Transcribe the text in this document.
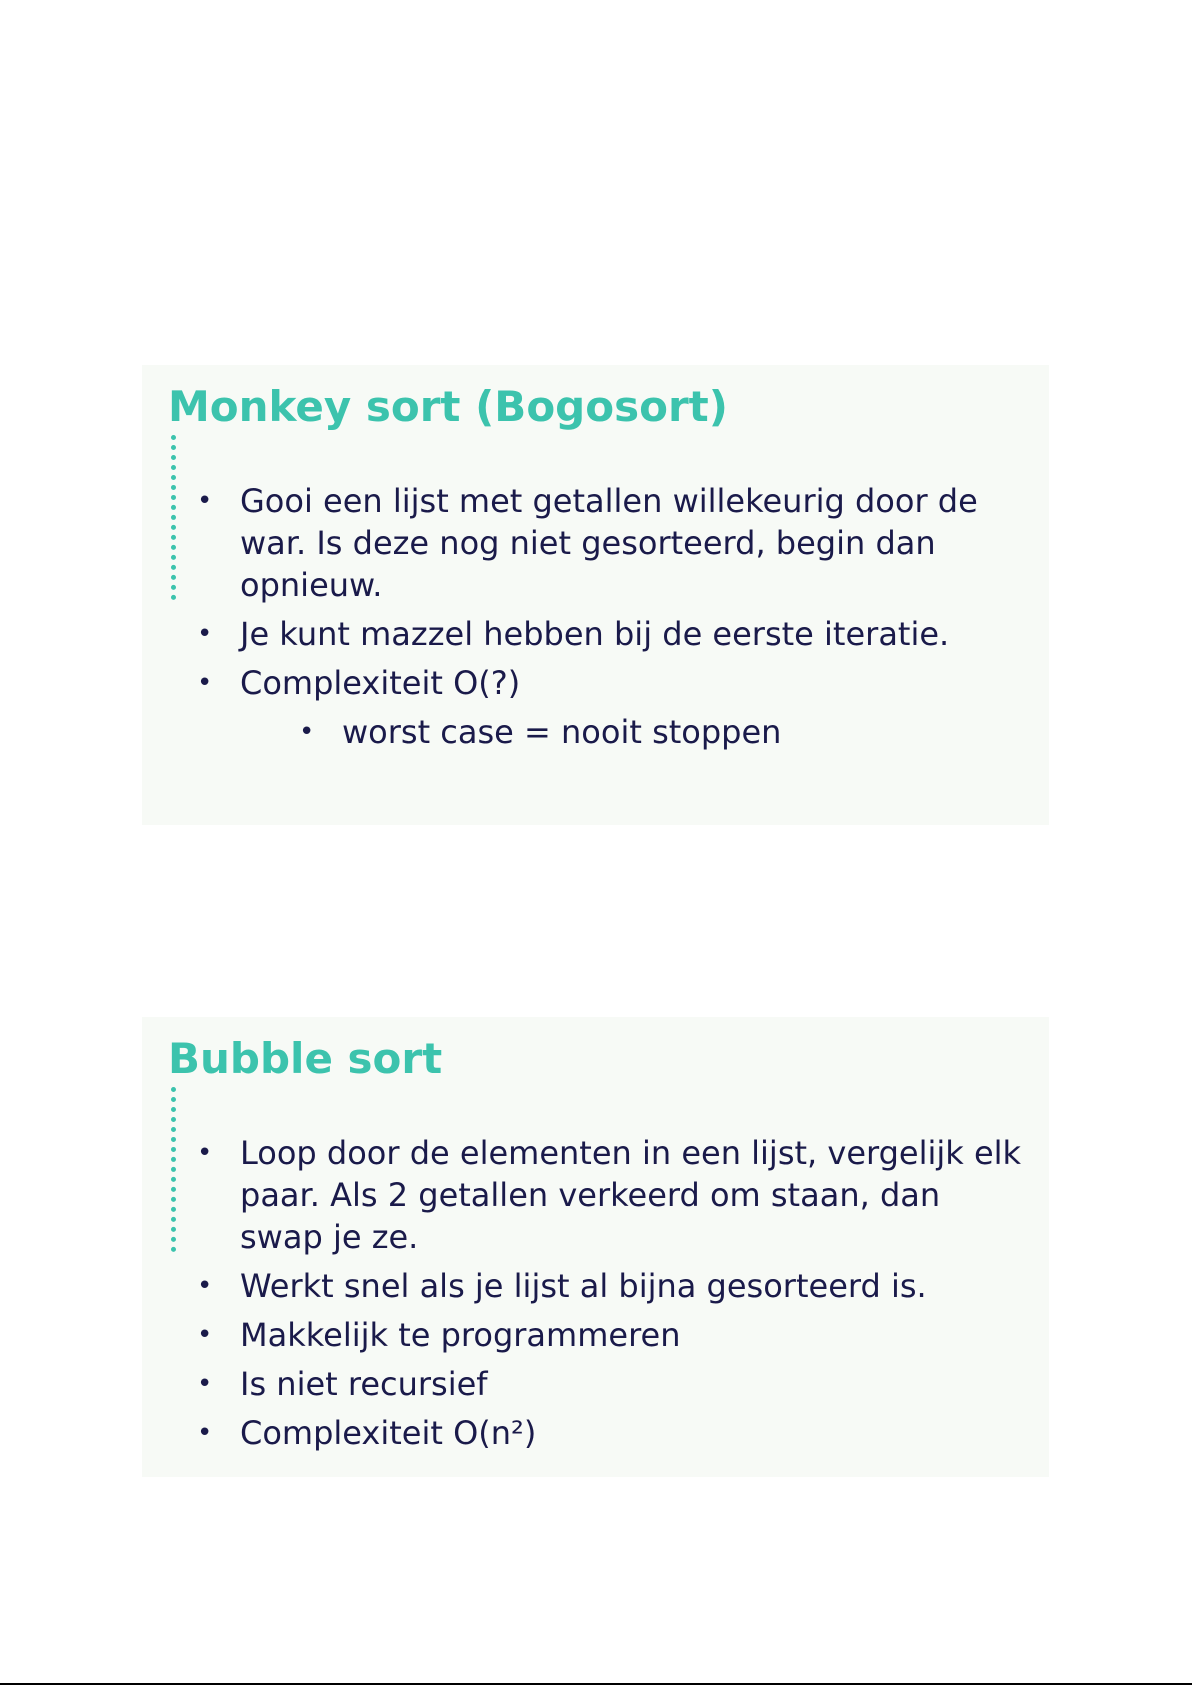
Monkey sort (Bogosort)
• Gooi een lijst met getallen willekeurig door de war. Is deze nog niet gesorteerd, begin dan opnieuw.
• Je kunt mazzel hebben bij de eerste iteratie.
• Complexiteit O(?)
• worst case = nooit stoppen
Bubble sort
• Loop door de elementen in een lijst, vergelijk elk paar. Als 2 getallen verkeerd om staan, dan swap je ze.
• Werkt snel als je lijst al bijna gesorteerd is.
• Makkelijk te programmeren
• Is niet recursief
• Complexiteit O(n²)
